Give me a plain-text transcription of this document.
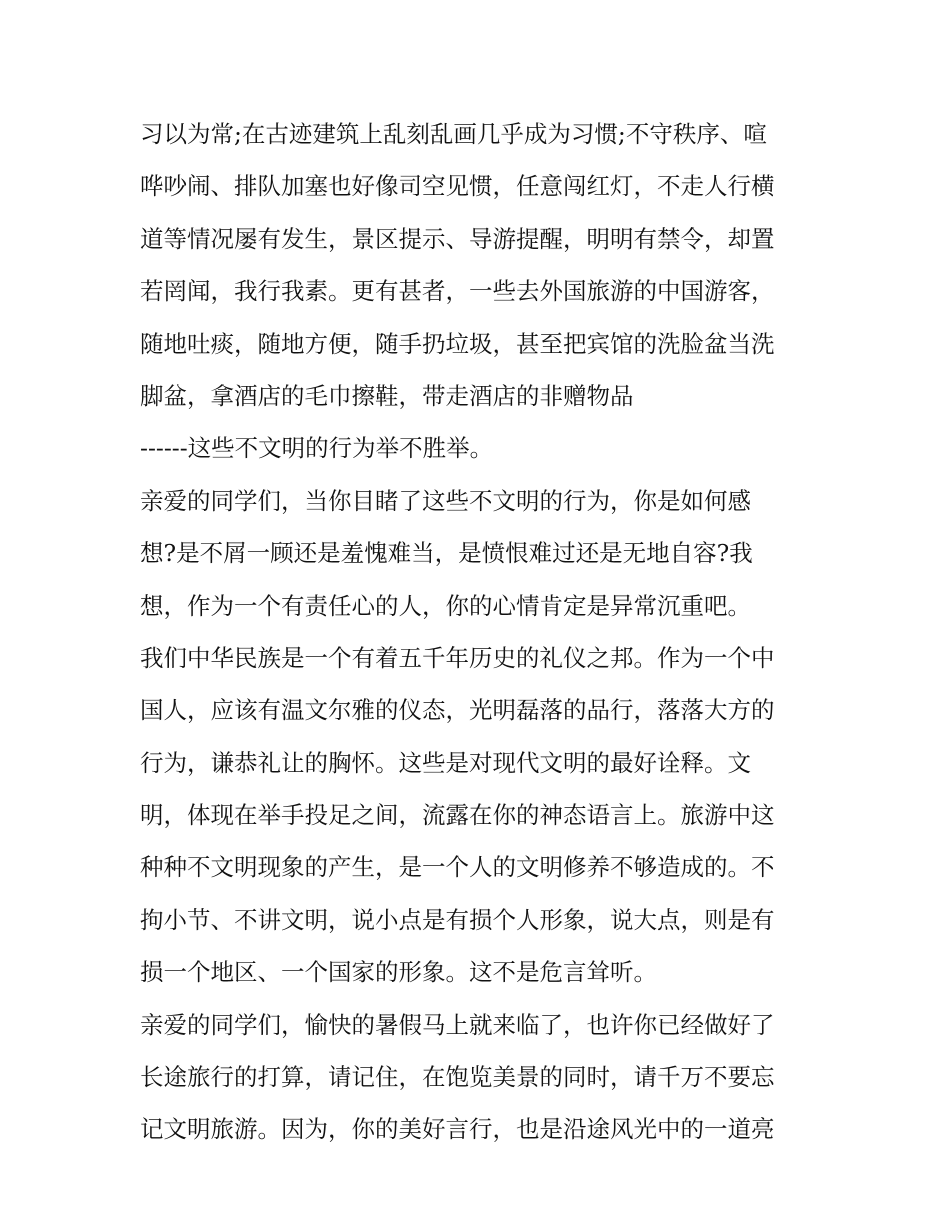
习以为常;在古迹建筑上乱刻乱画几乎成为习惯;不守秩序、喧
哗吵闹、排队加塞也好像司空见惯，任意闯红灯，不走人行横
道等情况屡有发生，景区提示、导游提醒，明明有禁令，却置
若罔闻，我行我素。更有甚者，一些去外国旅游的中国游客，
随地吐痰，随地方便，随手扔垃圾，甚至把宾馆的洗脸盆当洗
脚盆，拿酒店的毛巾擦鞋，带走酒店的非赠物品
------这些不文明的行为举不胜举。
亲爱的同学们，当你目睹了这些不文明的行为，你是如何感
想?是不屑一顾还是羞愧难当，是愤恨难过还是无地自容?我
想，作为一个有责任心的人，你的心情肯定是异常沉重吧。
我们中华民族是一个有着五千年历史的礼仪之邦。作为一个中
国人，应该有温文尔雅的仪态，光明磊落的品行，落落大方的
行为，谦恭礼让的胸怀。这些是对现代文明的最好诠释。文
明，体现在举手投足之间，流露在你的神态语言上。旅游中这
种种不文明现象的产生，是一个人的文明修养不够造成的。不
拘小节、不讲文明，说小点是有损个人形象，说大点，则是有
损一个地区、一个国家的形象。这不是危言耸听。
亲爱的同学们，愉快的暑假马上就来临了，也许你已经做好了
长途旅行的打算，请记住，在饱览美景的同时，请千万不要忘
记文明旅游。因为，你的美好言行，也是沿途风光中的一道亮
